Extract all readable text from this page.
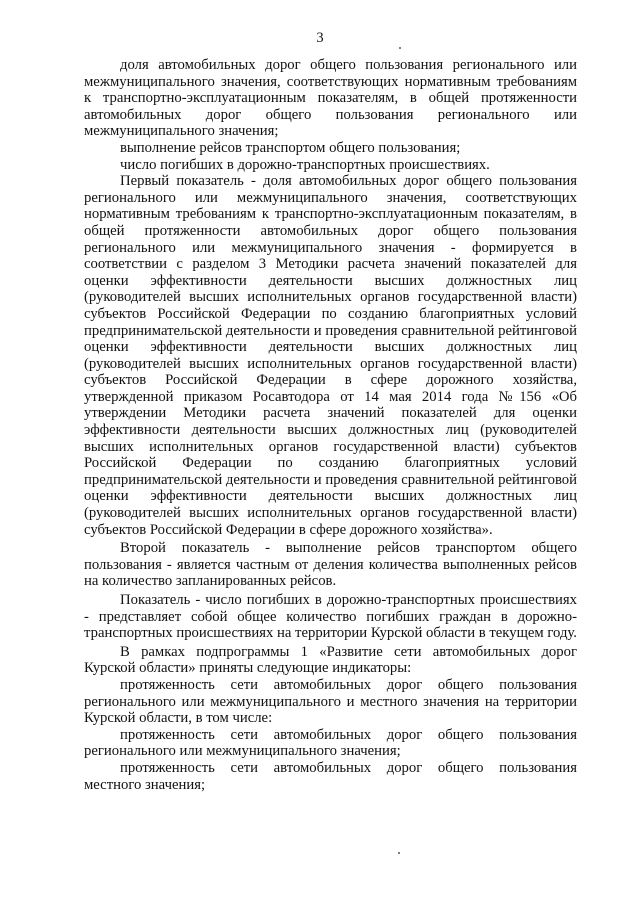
3

доля автомобильных дорог общего пользования регионального или межмуниципального значения, соответствующих нормативным требованиям к транспортно-эксплуатационным показателям, в общей протяженности автомобильных дорог общего пользования регионального или межмуниципального значения;

выполнение рейсов транспортом общего пользования;

число погибших в дорожно-транспортных происшествиях.

Первый показатель - доля автомобильных дорог общего пользования регионального или межмуниципального значения, соответствующих нормативным требованиям к транспортно-эксплуатационным показателям, в общей протяженности автомобильных дорог общего пользования регионального или межмуниципального значения - формируется в соответствии с разделом 3 Методики расчета значений показателей для оценки эффективности деятельности высших должностных лиц (руководителей высших исполнительных органов государственной власти) субъектов Российской Федерации по созданию благоприятных условий предпринимательской деятельности и проведения сравнительной рейтинговой оценки эффективности деятельности высших должностных лиц (руководителей высших исполнительных органов государственной власти) субъектов Российской Федерации в сфере дорожного хозяйства, утвержденной приказом Росавтодора от 14 мая 2014 года №156 «Об утверждении Методики расчета значений показателей для оценки эффективности деятельности высших должностных лиц (руководителей высших исполнительных органов государственной власти) субъектов Российской Федерации по созданию благоприятных условий предпринимательской деятельности и проведения сравнительной рейтинговой оценки эффективности деятельности высших должностных лиц (руководителей высших исполнительных органов государственной власти) субъектов Российской Федерации в сфере дорожного хозяйства».

Второй показатель - выполнение рейсов транспортом общего пользования - является частным от деления количества выполненных рейсов на количество запланированных рейсов.

Показатель - число погибших в дорожно-транспортных происшествиях - представляет собой общее количество погибших граждан в дорожно-транспортных происшествиях на территории Курской области в текущем году.

В рамках подпрограммы 1 «Развитие сети автомобильных дорог Курской области» приняты следующие индикаторы:

протяженность сети автомобильных дорог общего пользования регионального или межмуниципального и местного значения на территории Курской области, в том числе:

протяженность сети автомобильных дорог общего пользования регионального или межмуниципального значения;

протяженность сети автомобильных дорог общего пользования местного значения;
